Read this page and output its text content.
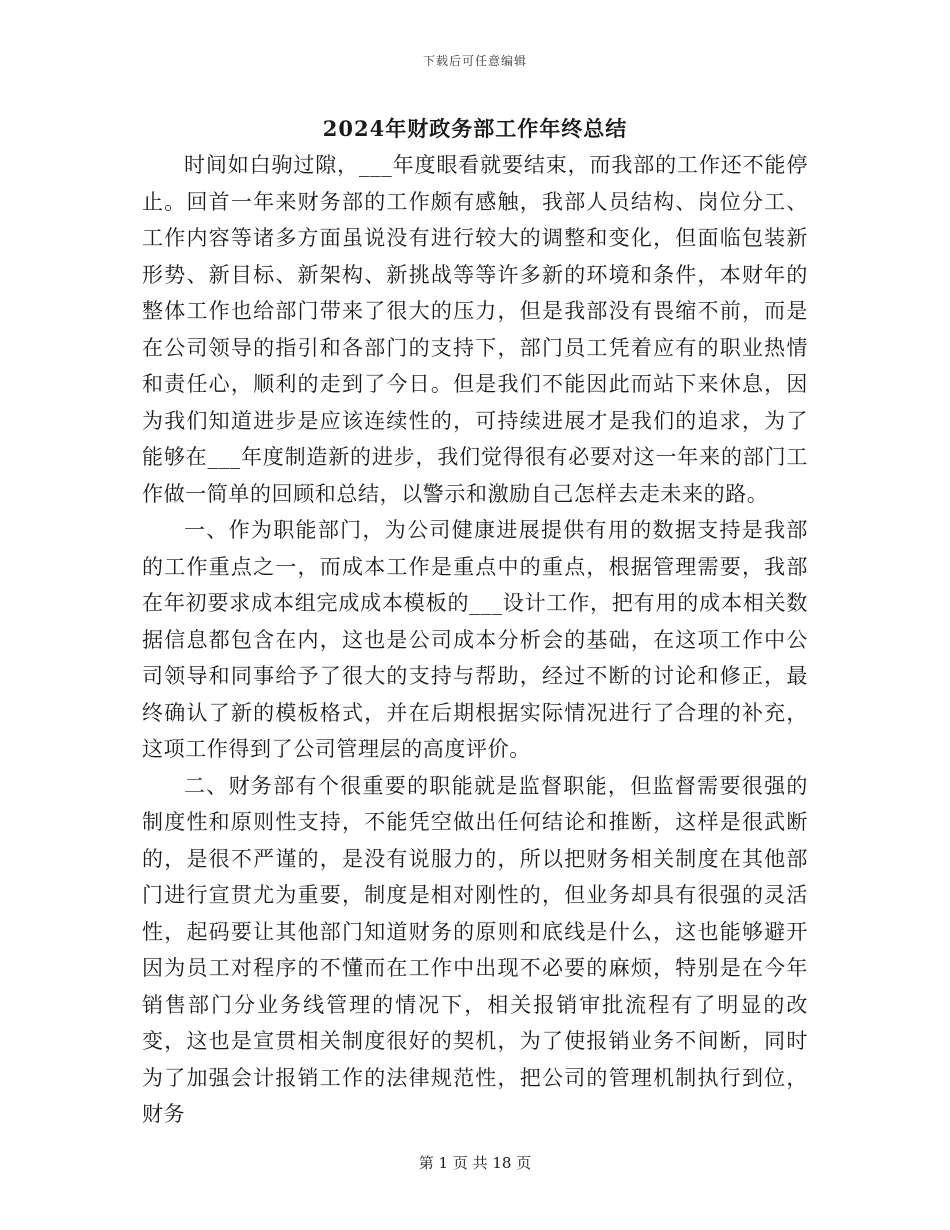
下载后可任意编辑
2024年财政务部工作年终总结

时间如白驹过隙，___年度眼看就要结束，而我部的工作还不能停止。回首一年来财务部的工作颇有感触，我部人员结构、岗位分工、工作内容等诸多方面虽说没有进行较大的调整和变化，但面临包装新形势、新目标、新架构、新挑战等等许多新的环境和条件，本财年的整体工作也给部门带来了很大的压力，但是我部没有畏缩不前，而是在公司领导的指引和各部门的支持下，部门员工凭着应有的职业热情和责任心，顺利的走到了今日。但是我们不能因此而站下来休息，因为我们知道进步是应该连续性的，可持续进展才是我们的追求，为了能够在___年度制造新的进步，我们觉得很有必要对这一年来的部门工作做一简单的回顾和总结，以警示和激励自己怎样去走未来的路。

一、作为职能部门，为公司健康进展提供有用的数据支持是我部的工作重点之一，而成本工作是重点中的重点，根据管理需要，我部在年初要求成本组完成成本模板的___设计工作，把有用的成本相关数据信息都包含在内，这也是公司成本分析会的基础，在这项工作中公司领导和同事给予了很大的支持与帮助，经过不断的讨论和修正，最终确认了新的模板格式，并在后期根据实际情况进行了合理的补充，这项工作得到了公司管理层的高度评价。

二、财务部有个很重要的职能就是监督职能，但监督需要很强的制度性和原则性支持，不能凭空做出任何结论和推断，这样是很武断的，是很不严谨的，是没有说服力的，所以把财务相关制度在其他部门进行宣贯尤为重要，制度是相对刚性的，但业务却具有很强的灵活性，起码要让其他部门知道财务的原则和底线是什么，这也能够避开因为员工对程序的不懂而在工作中出现不必要的麻烦，特别是在今年销售部门分业务线管理的情况下，相关报销审批流程有了明显的改变，这也是宣贯相关制度很好的契机，为了使报销业务不间断，同时为了加强会计报销工作的法律规范性，把公司的管理机制执行到位，财务

第 1 页 共 18 页
